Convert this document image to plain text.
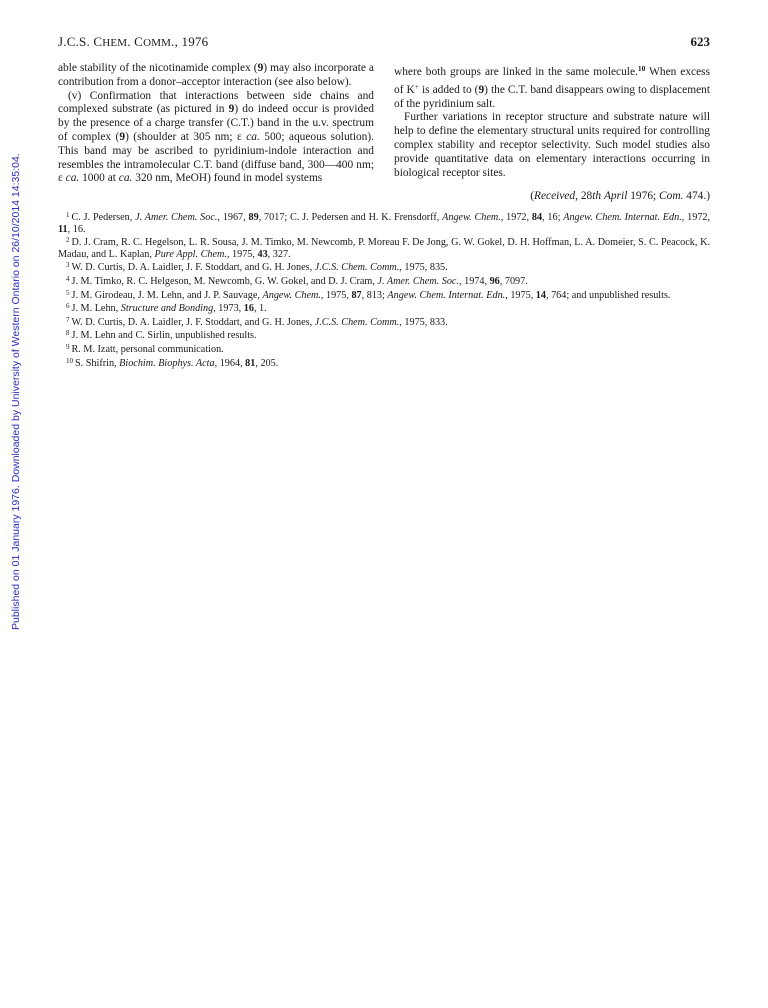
Published on 01 January 1976. Downloaded by University of Western Ontario on 26/10/2014 14:35:04.
J.C.S. CHEM. COMM., 1976	623

able stability of the nicotinamide complex (9) may also incorporate a contribution from a donor–acceptor interaction (see also below).

(v) Confirmation that interactions between side chains and complexed substrate (as pictured in 9) do indeed occur is provided by the presence of a charge transfer (C.T.) band in the u.v. spectrum of complex (9) (shoulder at 305 nm; ε ca. 500; aqueous solution). This band may be ascribed to pyridinium-indole interaction and resembles the intramolecular C.T. band (diffuse band, 300—400 nm; ε ca. 1000 at ca. 320 nm, MeOH) found in model systems

where both groups are linked in the same molecule.$^{10}$ When excess of K+ is added to (9) the C.T. band disappears owing to displacement of the pyridinium salt.

Further variations in receptor structure and substrate nature will help to define the elementary structural units required for controlling complex stability and receptor selectivity. Such model studies also provide quantitative data on elementary interactions occurring in biological receptor sites.

(Received, 28th April 1976; Com. 474.)

$^1$ C. J. Pedersen, J. Amer. Chem. Soc., 1967, 89, 7017; C. J. Pedersen and H. K. Frensdorff, Angew. Chem., 1972, 84, 16; Angew. Chem. Internat. Edn., 1972, 11, 16.

$^2$ D. J. Cram, R. C. Hegelson, L. R. Sousa, J. M. Timko, M. Newcomb, P. Moreau F. De Jong, G. W. Gokel, D. H. Hoffman, L. A. Domeier, S. C. Peacock, K. Madau, and L. Kaplan, Pure Appl. Chem., 1975, 43, 327.

$^3$ W. D. Curtis, D. A. Laidler, J. F. Stoddart, and G. H. Jones, J.C.S. Chem. Comm., 1975, 835.

$^4$ J. M. Timko, R. C. Helgeson, M. Newcomb, G. W. Gokel, and D. J. Cram, J. Amer. Chem. Soc., 1974, 96, 7097.

$^5$ J. M. Girodeau, J. M. Lehn, and J. P. Sauvage, Angew. Chem., 1975, 87, 813; Angew. Chem. Internat. Edn., 1975, 14, 764; and unpublished results.

$^6$ J. M. Lehn, Structure and Bonding, 1973, 16, 1.

$^7$ W. D. Curtis, D. A. Laidler, J. F. Stoddart, and G. H. Jones, J.C.S. Chem. Comm., 1975, 833.

$^8$ J. M. Lehn and C. Sirlin, unpublished results.

$^9$ R. M. Izatt, personal communication.

$^{10}$ S. Shifrin, Biochim. Biophys. Acta, 1964, 81, 205.
